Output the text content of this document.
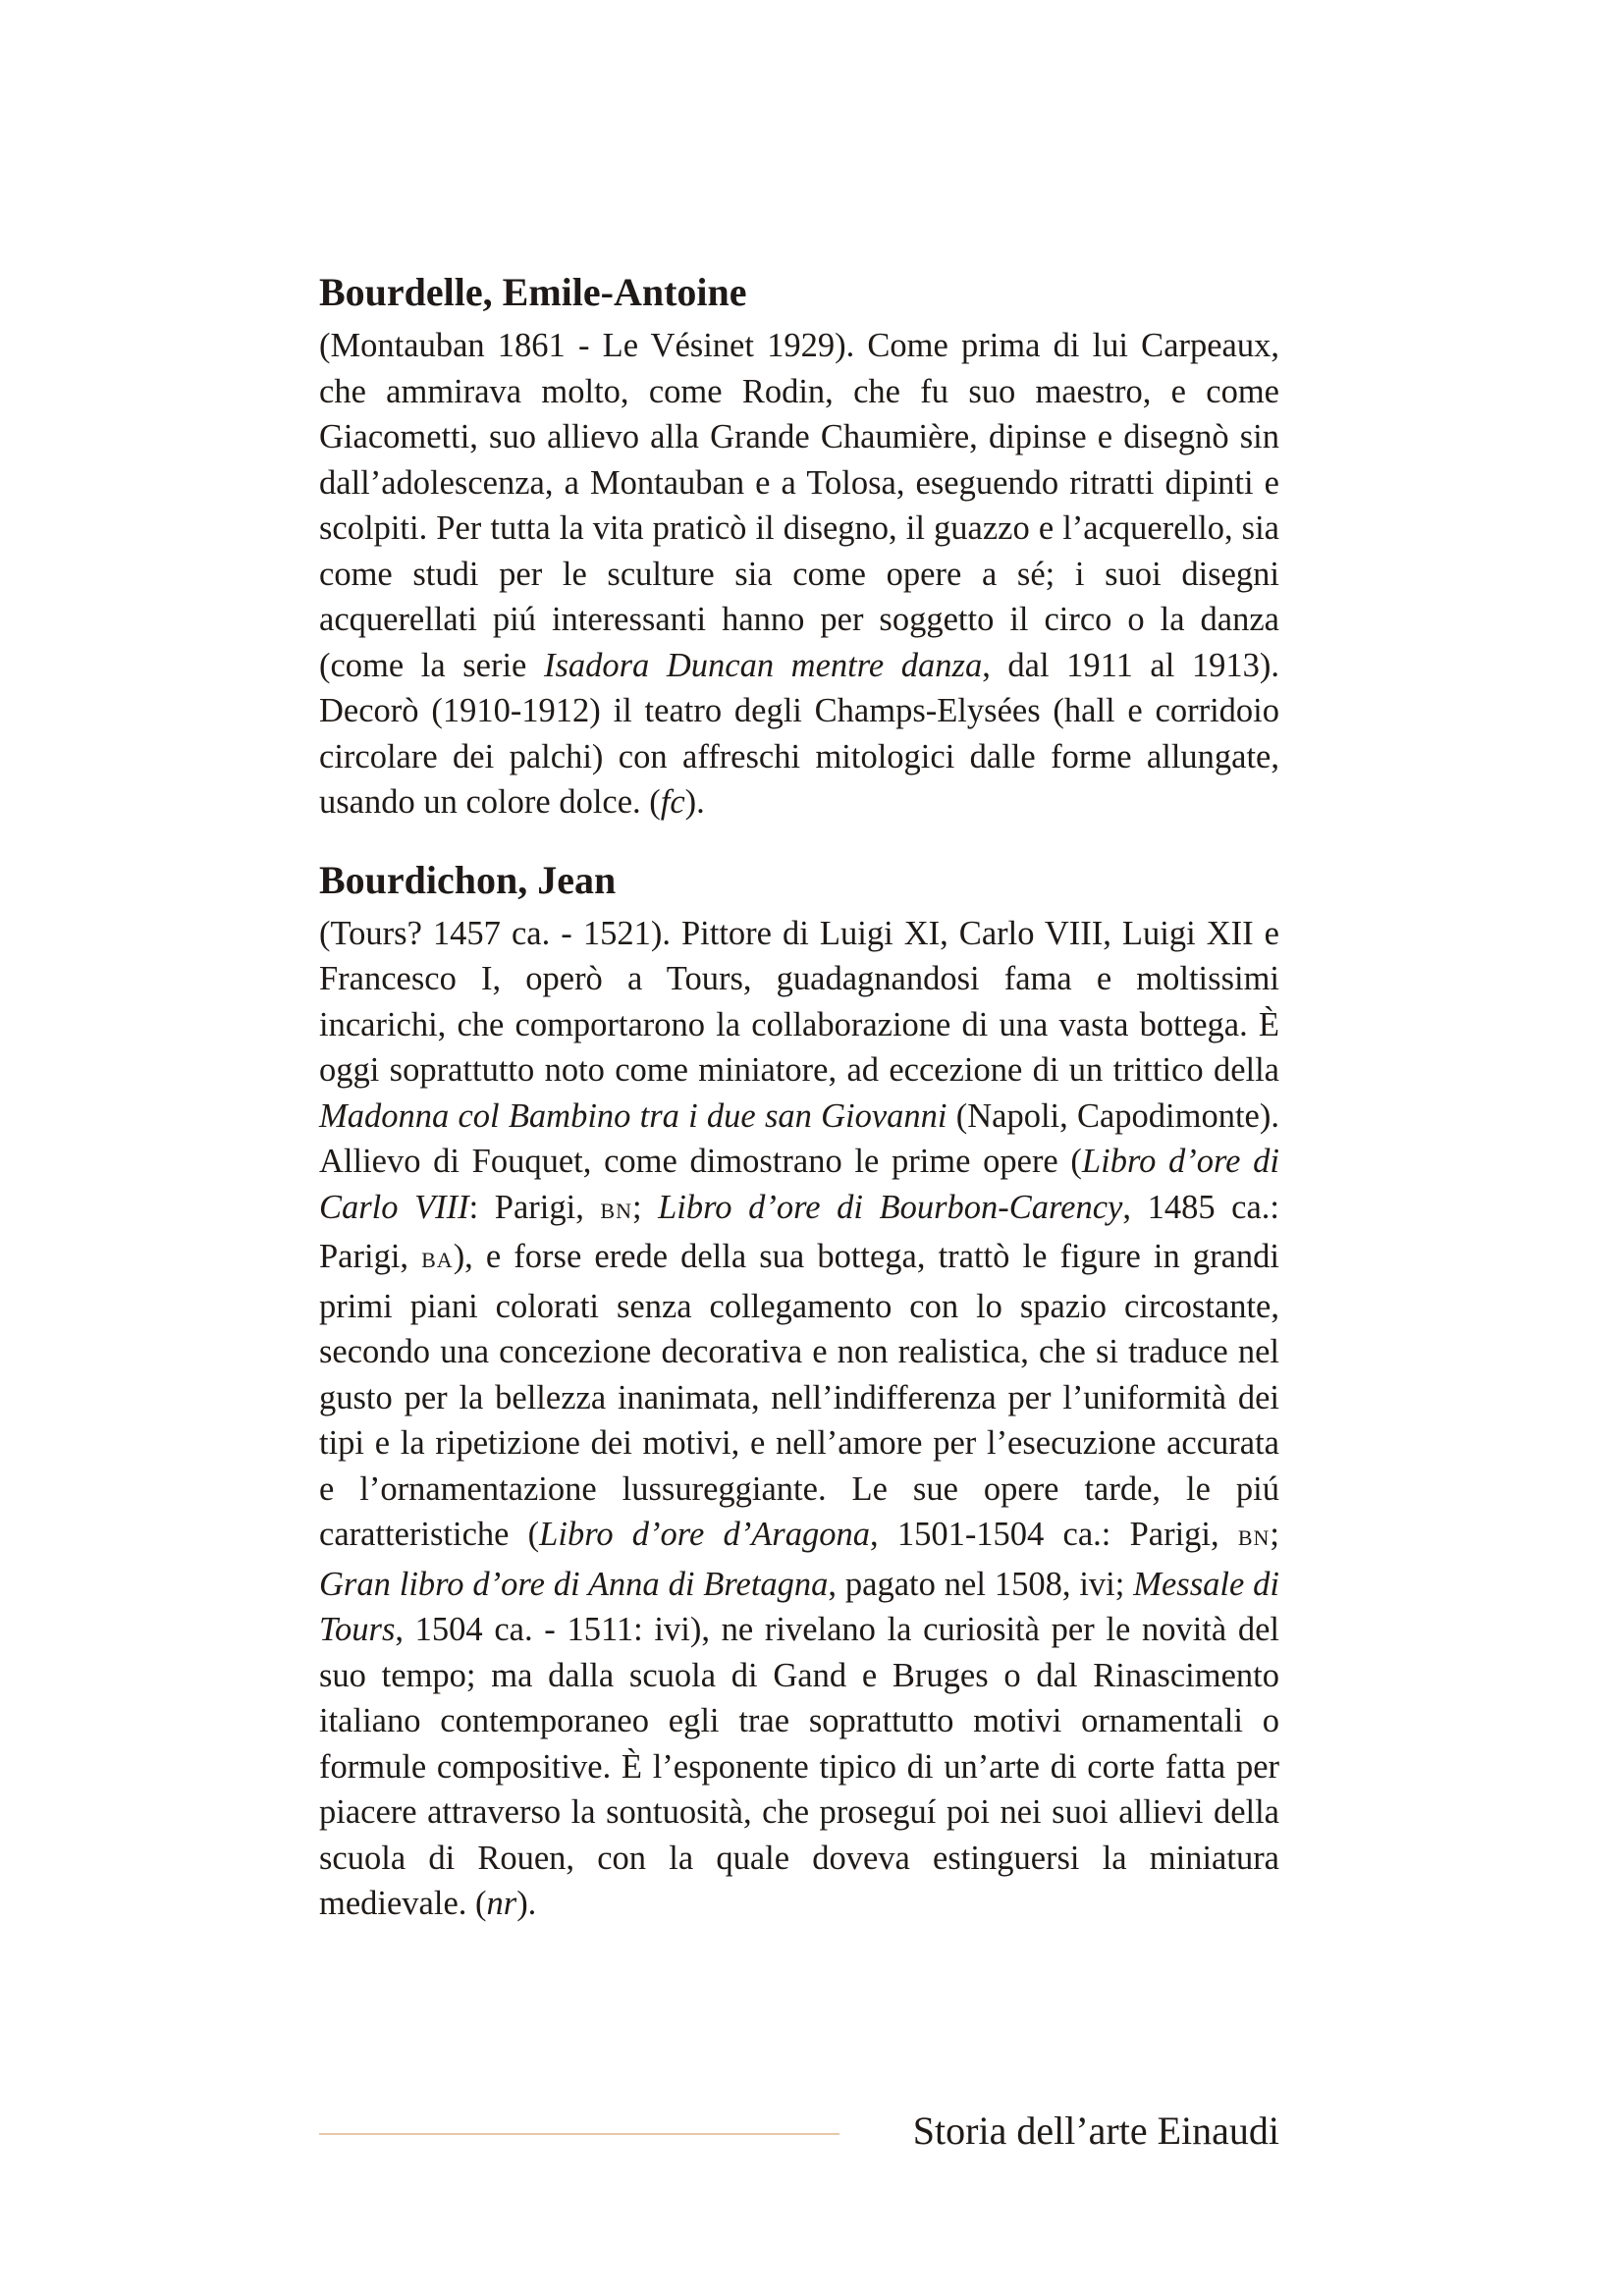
Bourdelle, Emile-Antoine

(Montauban 1861 - Le Vésinet 1929). Come prima di lui Carpeaux, che ammirava molto, come Rodin, che fu suo maestro, e come Giacometti, suo allievo alla Grande Chaumière, dipinse e disegnò sin dall’adolescenza, a Montauban e a Tolosa, eseguendo ritratti dipinti e scolpiti. Per tutta la vita praticò il disegno, il guazzo e l’acquerello, sia come studi per le sculture sia come opere a sé; i suoi disegni acquerellati piú interessanti hanno per soggetto il circo o la danza (come la serie Isadora Duncan mentre danza, dal 1911 al 1913). Decorò (1910-1912) il teatro degli Champs-Elysées (hall e corridoio circolare dei palchi) con affreschi mitologici dalle forme allungate, usando un colore dolce. (fc).

Bourdichon, Jean

(Tours? 1457 ca. - 1521). Pittore di Luigi XI, Carlo VIII, Luigi XII e Francesco I, operò a Tours, guadagnandosi fama e moltissimi incarichi, che comportarono la collaborazione di una vasta bottega. È oggi soprattutto noto come miniatore, ad eccezione di un trittico della Madonna col Bambino tra i due san Giovanni (Napoli, Capodimonte). Allievo di Fouquet, come dimostrano le prime opere (Libro d’ore di Carlo VIII: Parigi, BN; Libro d’ore di Bourbon-Carency, 1485 ca.: Parigi, BA), e forse erede della sua bottega, trattò le figure in grandi primi piani colorati senza collegamento con lo spazio circostante, secondo una concezione decorativa e non realistica, che si traduce nel gusto per la bellezza inanimata, nell’indifferenza per l’uniformità dei tipi e la ripetizione dei motivi, e nell’amore per l’esecuzione accurata e l’ornamentazione lussureggiante. Le sue opere tarde, le piú caratteristiche (Libro d’ore d’Aragona, 1501-1504 ca.: Parigi, BN; Gran libro d’ore di Anna di Bretagna, pagato nel 1508, ivi; Messale di Tours, 1504 ca. - 1511: ivi), ne rivelano la curiosità per le novità del suo tempo; ma dalla scuola di Gand e Bruges o dal Rinascimento italiano contemporaneo egli trae soprattutto motivi ornamentali o formule compositive. È l’esponente tipico di un’arte di corte fatta per piacere attraverso la sontuosità, che proseguí poi nei suoi allievi della scuola di Rouen, con la quale doveva estinguersi la miniatura medievale. (nr).

Storia dell’arte Einaudi
